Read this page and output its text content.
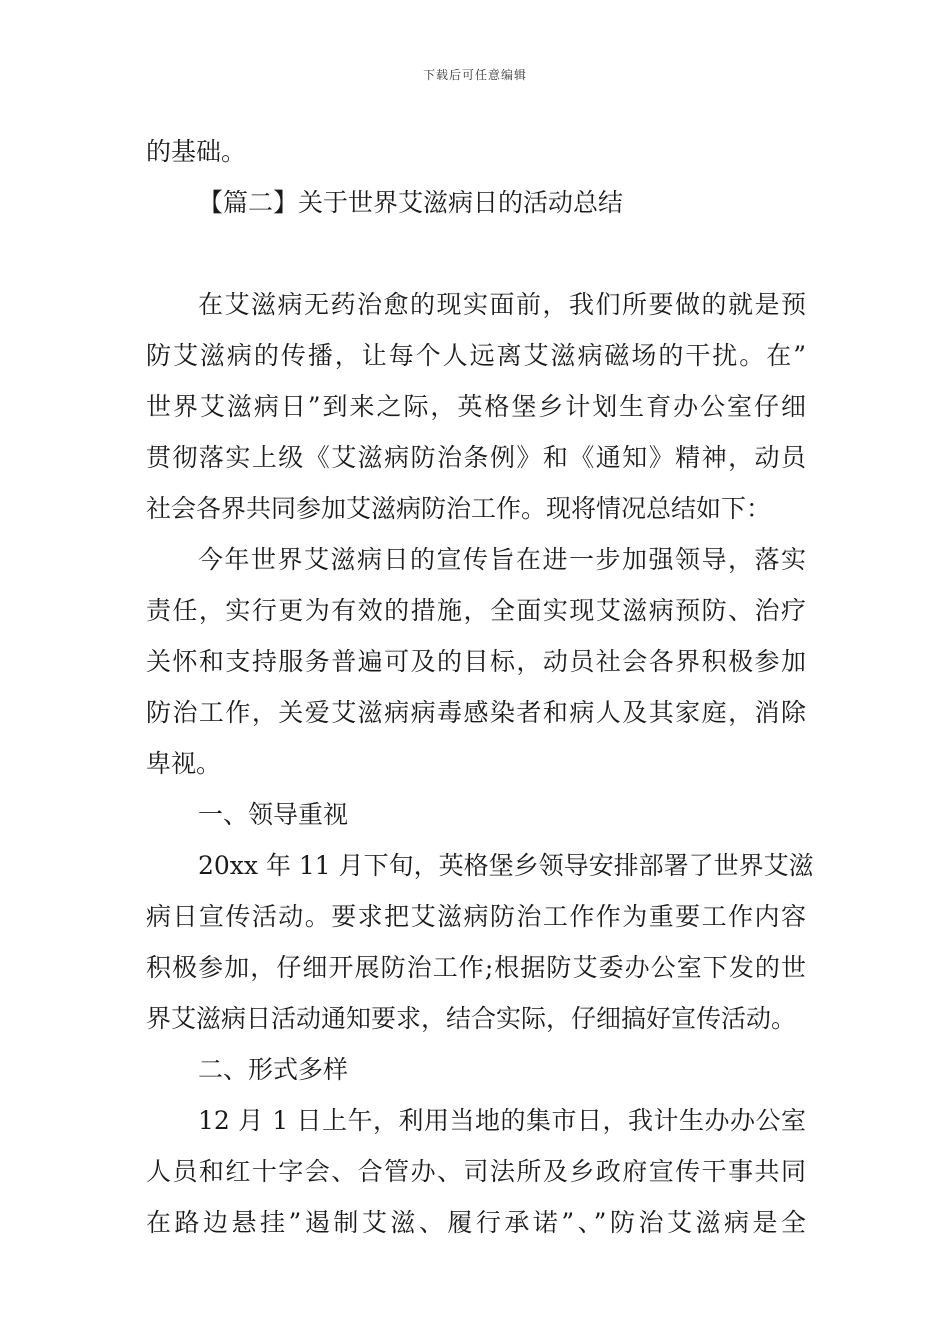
下载后可任意编辑
的基础。
【篇二】关于世界艾滋病日的活动总结
在艾滋病无药治愈的现实面前，我们所要做的就是预
防艾滋病的传播，让每个人远离艾滋病磁场的干扰。在”
世界艾滋病日”到来之际，英格堡乡计划生育办公室仔细
贯彻落实上级《艾滋病防治条例》和《通知》精神，动员
社会各界共同参加艾滋病防治工作。现将情况总结如下：
今年世界艾滋病日的宣传旨在进一步加强领导，落实
责任，实行更为有效的措施，全面实现艾滋病预防、治疗
关怀和支持服务普遍可及的目标，动员社会各界积极参加
防治工作，关爱艾滋病病毒感染者和病人及其家庭，消除
卑视。
一、领导重视
20xx 年 11 月下旬，英格堡乡领导安排部署了世界艾滋
病日宣传活动。要求把艾滋病防治工作作为重要工作内容
积极参加，仔细开展防治工作;根据防艾委办公室下发的世
界艾滋病日活动通知要求，结合实际，仔细搞好宣传活动。
二、形式多样
12 月 1 日上午，利用当地的集市日，我计生办办公室
人员和红十字会、合管办、司法所及乡政府宣传干事共同
在路边悬挂”遏制艾滋、履行承诺”、”防治艾滋病是全
